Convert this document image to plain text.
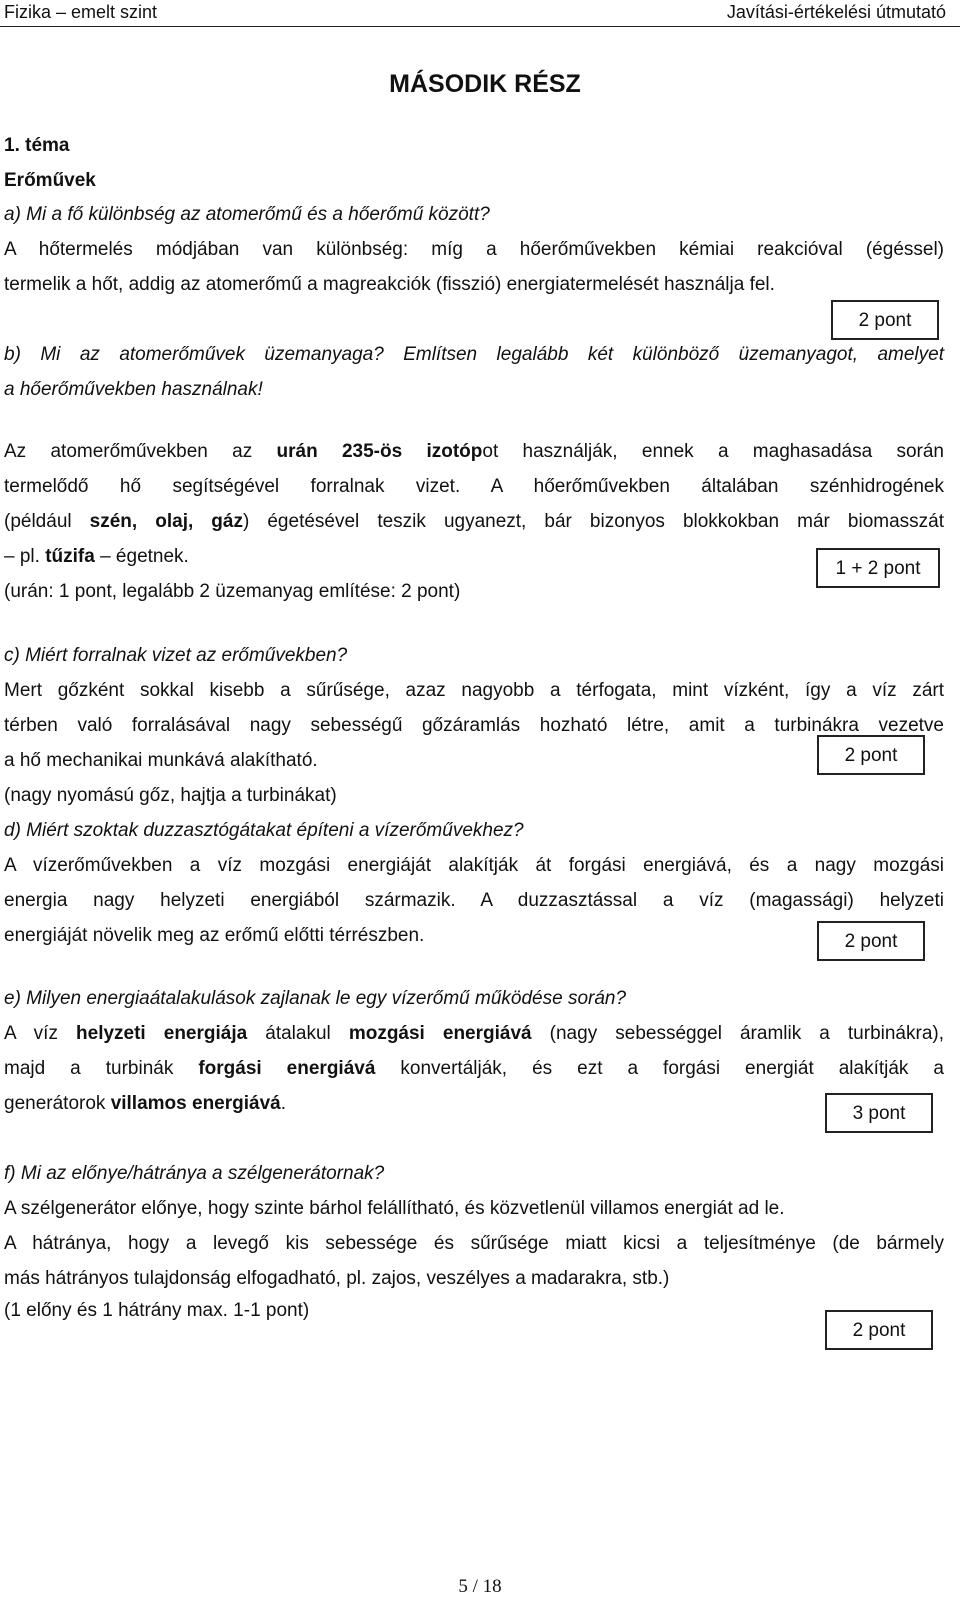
Fizika – emelt szint	Javítási-értékelési útmutató
MÁSODIK RÉSZ
1. téma
Erőművek
a) Mi a fő különbség az atomerőmű és a hőerőmű között?
A hőtermelés módjában van különbség: míg a hőerőművekben kémiai reakcióval (égéssel)
termelik a hőt, addig az atomerőmű a magreakciók (fisszió) energiatermelését használja fel.
2 pont
b) Mi az atomerőművek üzemanyaga? Említsen legalább két különböző üzemanyagot, amelyet
a hőerőművekben használnak!
Az atomerőművekben az urán 235-ös izotópot használják, ennek a maghasadása során
termelődő hő segítségével forralnak vizet. A hőerőművekben általában szénhidrogének
(például szén, olaj, gáz) égetésével teszik ugyanezt, bár bizonyos blokkokban már biomasszát
– pl. tűzifa – égetnek.
(urán: 1 pont, legalább 2 üzemanyag említése: 2 pont)
1 + 2 pont
c) Miért forralnak vizet az erőművekben?
Mert gőzként sokkal kisebb a sűrűsége, azaz nagyobb a térfogata, mint vízként, így a víz zárt
térben való forralásával nagy sebességű gőzáramlás hozható létre, amit a turbinákra vezetve
a hő mechanikai munkává alakítható.
(nagy nyomású gőz, hajtja a turbinákat)
2 pont
d) Miért szoktak duzzasztógátakat építeni a vízerőművekhez?
A vízerőművekben a víz mozgási energiáját alakítják át forgási energiává, és a nagy mozgási
energia nagy helyzeti energiából származik. A duzzasztással a víz (magassági) helyzeti
energiáját növelik meg az erőmű előtti térrészben.	2 pont
e) Milyen energiaátalakulások zajlanak le egy vízerőmű működése során?
A víz helyzeti energiája átalakul mozgási energiává (nagy sebességgel áramlik a turbinákra),
majd a turbinák forgási energiává konvertálják, és ezt a forgási energiát alakítják a
generátorok villamos energiává.	3 pont
f) Mi az előnye/hátránya a szélgenerátornak?
A szélgenerátor előnye, hogy szinte bárhol felállítható, és közvetlenül villamos energiát ad le.
A hátránya, hogy a levegő kis sebessége és sűrűsége miatt kicsi a teljesítménye (de bármely
más hátrányos tulajdonság elfogadható, pl. zajos, veszélyes a madarakra, stb.)
(1 előny és 1 hátrány max. 1-1 pont)
2 pont
5 / 18
